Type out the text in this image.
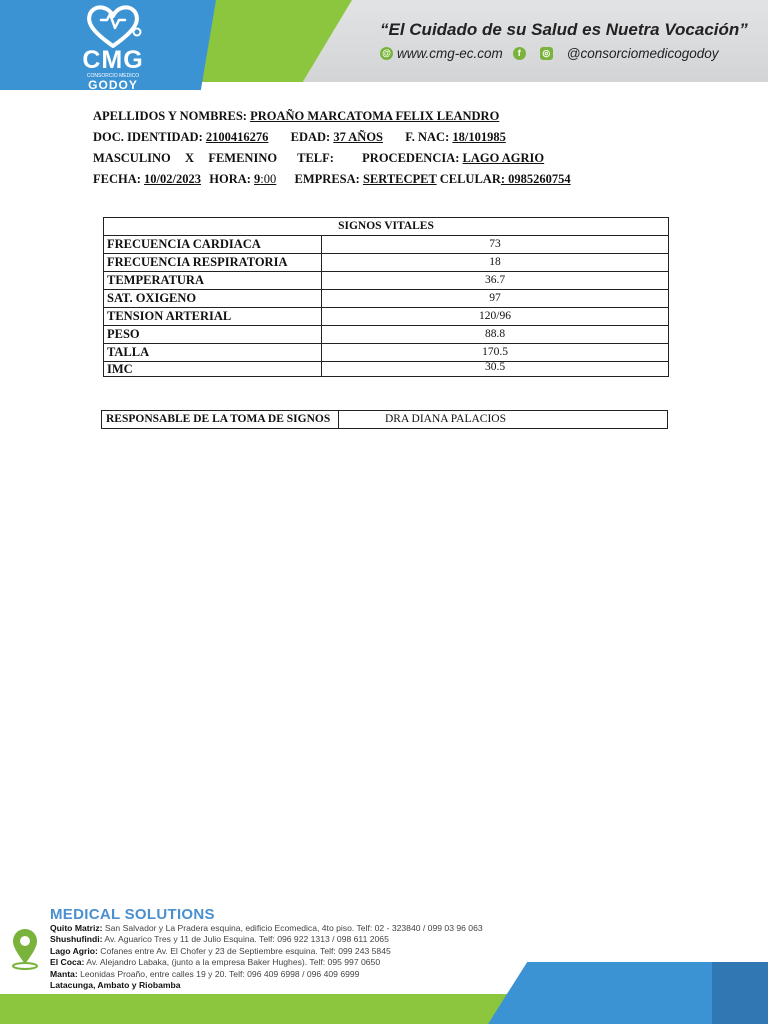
CMG
CONSORCIO MEDICO
GODOY
“El Cuidado de su Salud es Nuetra Vocación”
@ www.cmg-ec.com	f	◎ @consorciomedicogodoy
APELLIDOS Y NOMBRES: PROAÑO MARCATOMA FELIX LEANDRO
DOC. IDENTIDAD: 2100416276 EDAD: 37 AÑOS F. NAC: 18/101985
MASCULINO X FEMENINO TELF: PROCEDENCIA: LAGO AGRIO
FECHA: 10/02/2023 HORA: 9:00 EMPRESA: SERTECPET CELULAR: 0985260754
SIGNOS VITALES	
FRECUENCIA CARDIACA	73
FRECUENCIA RESPIRATORIA	18
TEMPERATURA	36.7
SAT. OXIGENO	97
TENSION ARTERIAL	120/96
PESO	88.8
TALLA	170.5
IMC	30.5
RESPONSABLE DE LA TOMA DE SIGNOS	DRA DIANA PALACIOS
MEDICAL SOLUTIONS
Quito Matriz: San Salvador y La Pradera esquina, edificio Ecomedica, 4to piso. Telf: 02 - 323840 / 099 03 96 063
Shushufindi: Av. Aguarico Tres y 11 de Julio Esquina. Telf: 096 922 1313 / 098 611 2065
Lago Agrio: Cofanes entre Av. El Chofer y 23 de Septiembre esquina. Telf: 099 243 5845
El Coca: Av. Alejandro Labaka, (junto a la empresa Baker Hughes). Telf: 095 997 0650
Manta: Leonidas Proaño, entre calles 19 y 20. Telf: 096 409 6998 / 096 409 6999
Latacunga, Ambato y Riobamba
